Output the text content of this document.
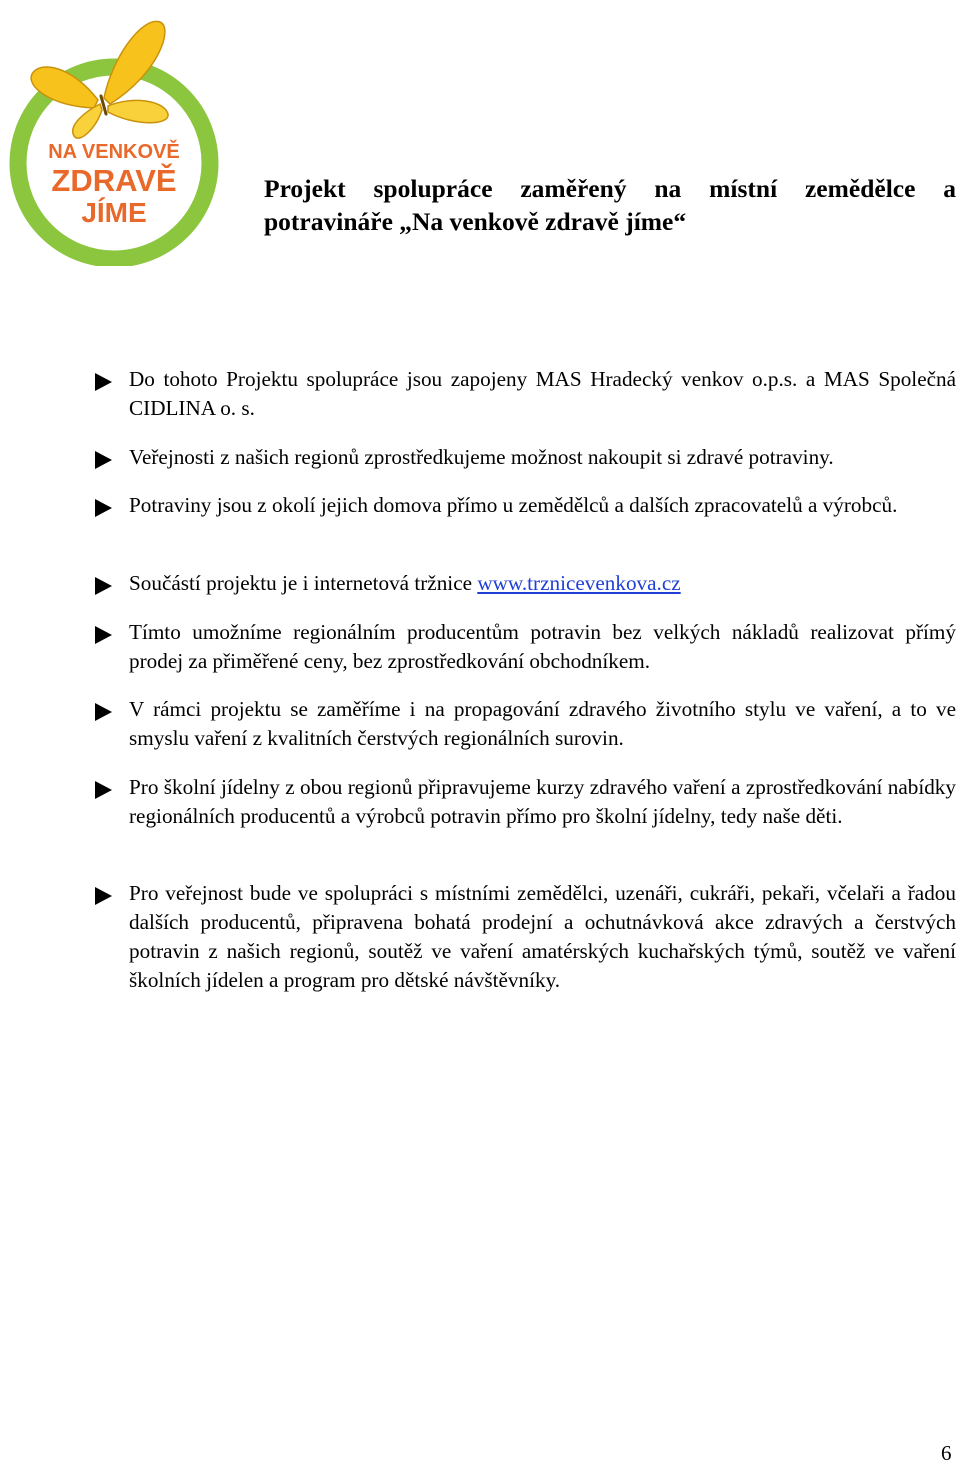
NA VENKOVĚ
ZDRAVĚ
JÍME
Projekt spolupráce zaměřený na místní zemědělce a potravináře „Na venkově zdravě jíme“
Do tohoto Projektu spolupráce jsou zapojeny MAS Hradecký venkov o.p.s. a MAS Společná CIDLINA o. s.
Veřejnosti z našich regionů zprostředkujeme možnost nakoupit si zdravé potraviny.
Potraviny jsou z okolí jejich domova přímo u zemědělců a dalších zpracovatelů a výrobců.
Součástí projektu je i internetová tržnice www.trznicevenkova.cz
Tímto umožníme regionálním producentům potravin bez velkých nákladů realizovat přímý prodej za přiměřené ceny, bez zprostředkování obchodníkem.
V rámci projektu se zaměříme i na propagování zdravého životního stylu ve vaření, a to ve smyslu vaření z kvalitních čerstvých regionálních surovin.
Pro školní jídelny z obou regionů připravujeme kurzy zdravého vaření a zprostředkování nabídky regionálních producentů a výrobců potravin přímo pro školní jídelny, tedy naše děti.
Pro veřejnost bude ve spolupráci s místními zemědělci, uzenáři, cukráři, pekaři, včelaři a řadou dalších producentů, připravena bohatá prodejní a ochutnávková akce zdravých a čerstvých potravin z našich regionů, soutěž ve vaření amatérských kuchařských týmů, soutěž ve vaření školních jídelen a program pro dětské návštěvníky.
6
